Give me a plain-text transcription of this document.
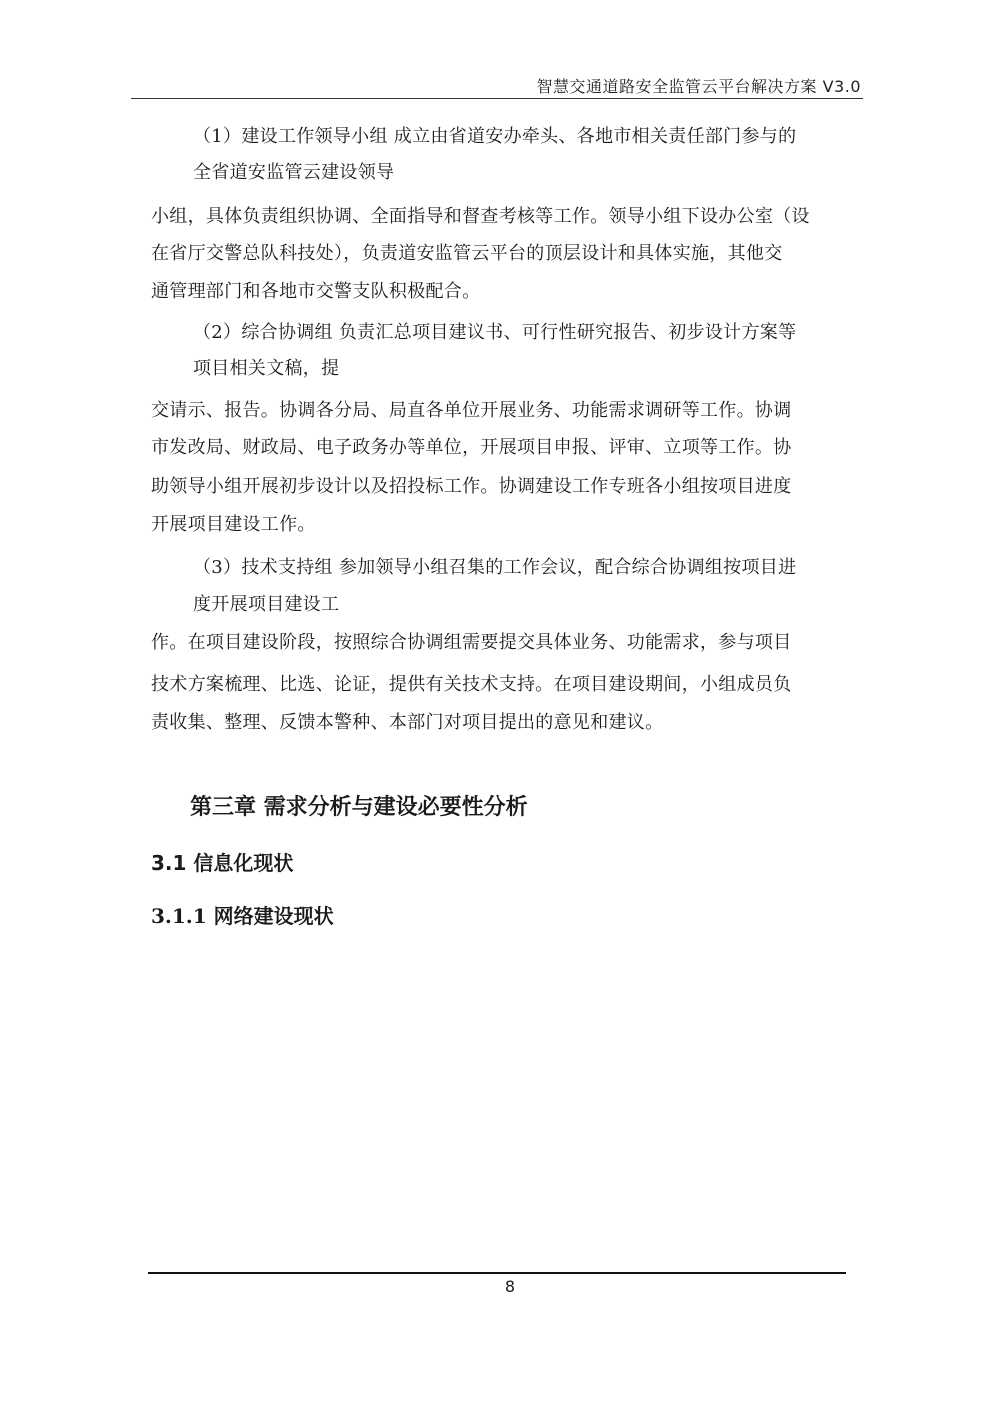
智慧交通道路安全监管云平台解决方案 V3.0
（1）建设工作领导小组 成立由省道安办牵头、各地市相关责任部门参与的
全省道安监管云建设领导
小组，具体负责组织协调、全面指导和督查考核等工作。领导小组下设办公室（设
在省厅交警总队科技处），负责道安监管云平台的顶层设计和具体实施，其他交
通管理部门和各地市交警支队积极配合。
（2）综合协调组 负责汇总项目建议书、可行性研究报告、初步设计方案等
项目相关文稿，提
交请示、报告。协调各分局、局直各单位开展业务、功能需求调研等工作。协调
市发改局、财政局、电子政务办等单位，开展项目申报、评审、立项等工作。协
助领导小组开展初步设计以及招投标工作。协调建设工作专班各小组按项目进度
开展项目建设工作。
（3）技术支持组 参加领导小组召集的工作会议，配合综合协调组按项目进
度开展项目建设工
作。在项目建设阶段，按照综合协调组需要提交具体业务、功能需求，参与项目
技术方案梳理、比选、论证，提供有关技术支持。在项目建设期间，小组成员负
责收集、整理、反馈本警种、本部门对项目提出的意见和建议。
第三章 需求分析与建设必要性分析
3.1 信息化现状
3.1.1 网络建设现状
8
